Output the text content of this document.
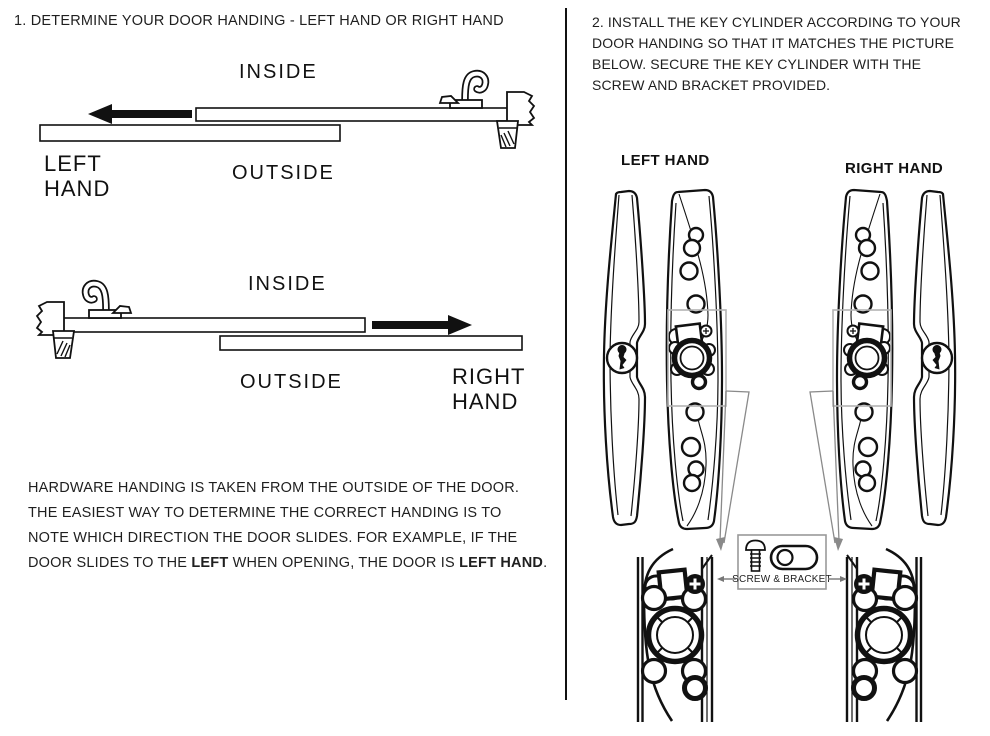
1. DETERMINE YOUR DOOR HANDING - LEFT HAND OR RIGHT HAND
INSIDE
LEFT
HAND
OUTSIDE
INSIDE
OUTSIDE	RIGHT
HAND
HARDWARE HANDING IS TAKEN FROM THE OUTSIDE OF THE DOOR.
THE EASIEST WAY TO DETERMINE THE CORRECT HANDING IS TO
NOTE WHICH DIRECTION THE DOOR SLIDES. FOR EXAMPLE, IF THE
DOOR SLIDES TO THE LEFT WHEN OPENING, THE DOOR IS LEFT HAND.
2. INSTALL THE KEY CYLINDER ACCORDING TO YOUR
DOOR HANDING SO THAT IT MATCHES THE PICTURE
BELOW. SECURE THE KEY CYLINDER WITH THE
SCREW AND BRACKET PROVIDED.
LEFT HAND	RIGHT HAND
SCREW & BRACKET
